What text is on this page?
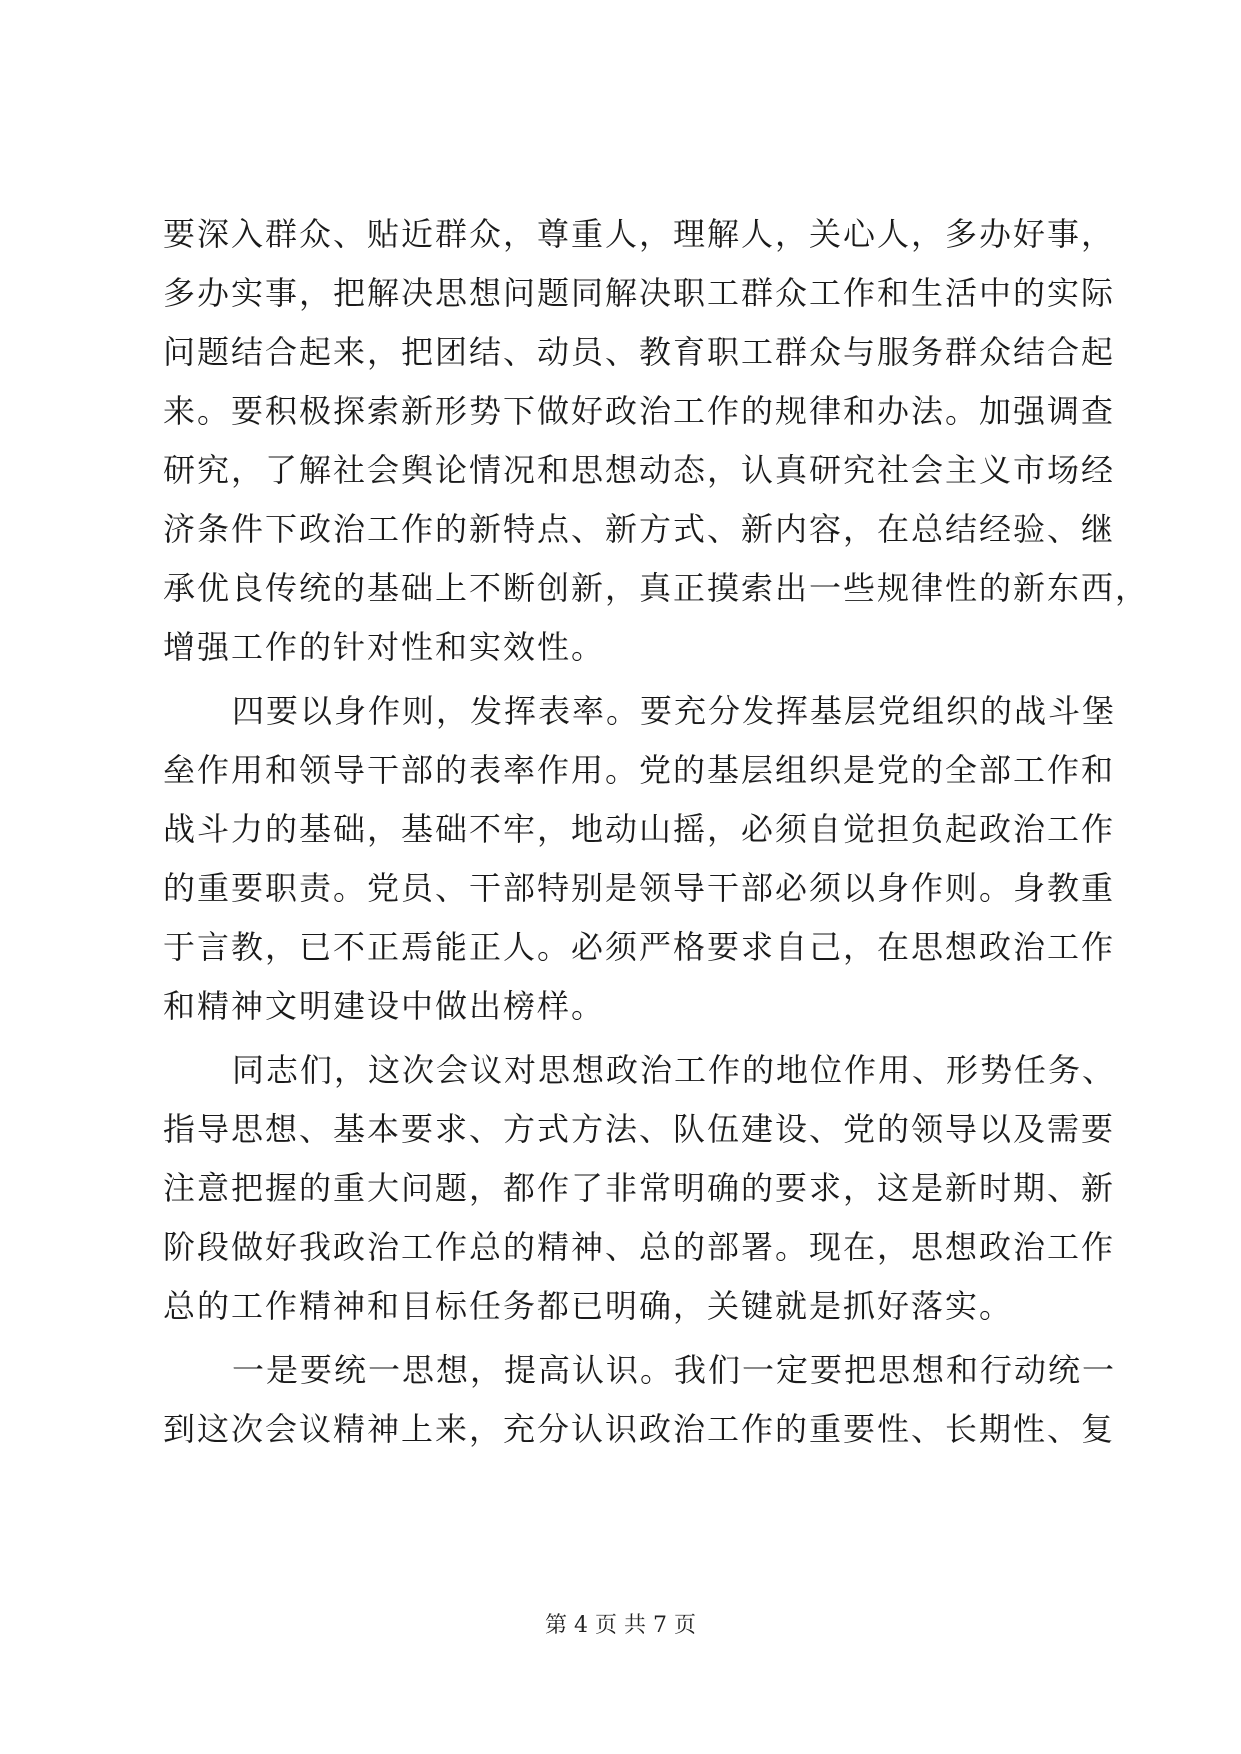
要深入群众、贴近群众，尊重人，理解人，关心人，多办好事，
多办实事，把解决思想问题同解决职工群众工作和生活中的实际
问题结合起来，把团结、动员、教育职工群众与服务群众结合起
来。要积极探索新形势下做好政治工作的规律和办法。加强调查
研究，了解社会舆论情况和思想动态，认真研究社会主义市场经
济条件下政治工作的新特点、新方式、新内容，在总结经验、继
承优良传统的基础上不断创新，真正摸索出一些规律性的新东西，
增强工作的针对性和实效性。
四要以身作则，发挥表率。要充分发挥基层党组织的战斗堡
垒作用和领导干部的表率作用。党的基层组织是党的全部工作和
战斗力的基础，基础不牢，地动山摇，必须自觉担负起政治工作
的重要职责。党员、干部特别是领导干部必须以身作则。身教重
于言教，已不正焉能正人。必须严格要求自己，在思想政治工作
和精神文明建设中做出榜样。
同志们，这次会议对思想政治工作的地位作用、形势任务、
指导思想、基本要求、方式方法、队伍建设、党的领导以及需要
注意把握的重大问题，都作了非常明确的要求，这是新时期、新
阶段做好我政治工作总的精神、总的部署。现在，思想政治工作
总的工作精神和目标任务都已明确，关键就是抓好落实。
一是要统一思想，提高认识。我们一定要把思想和行动统一
到这次会议精神上来，充分认识政治工作的重要性、长期性、复
第 4 页 共 7 页
